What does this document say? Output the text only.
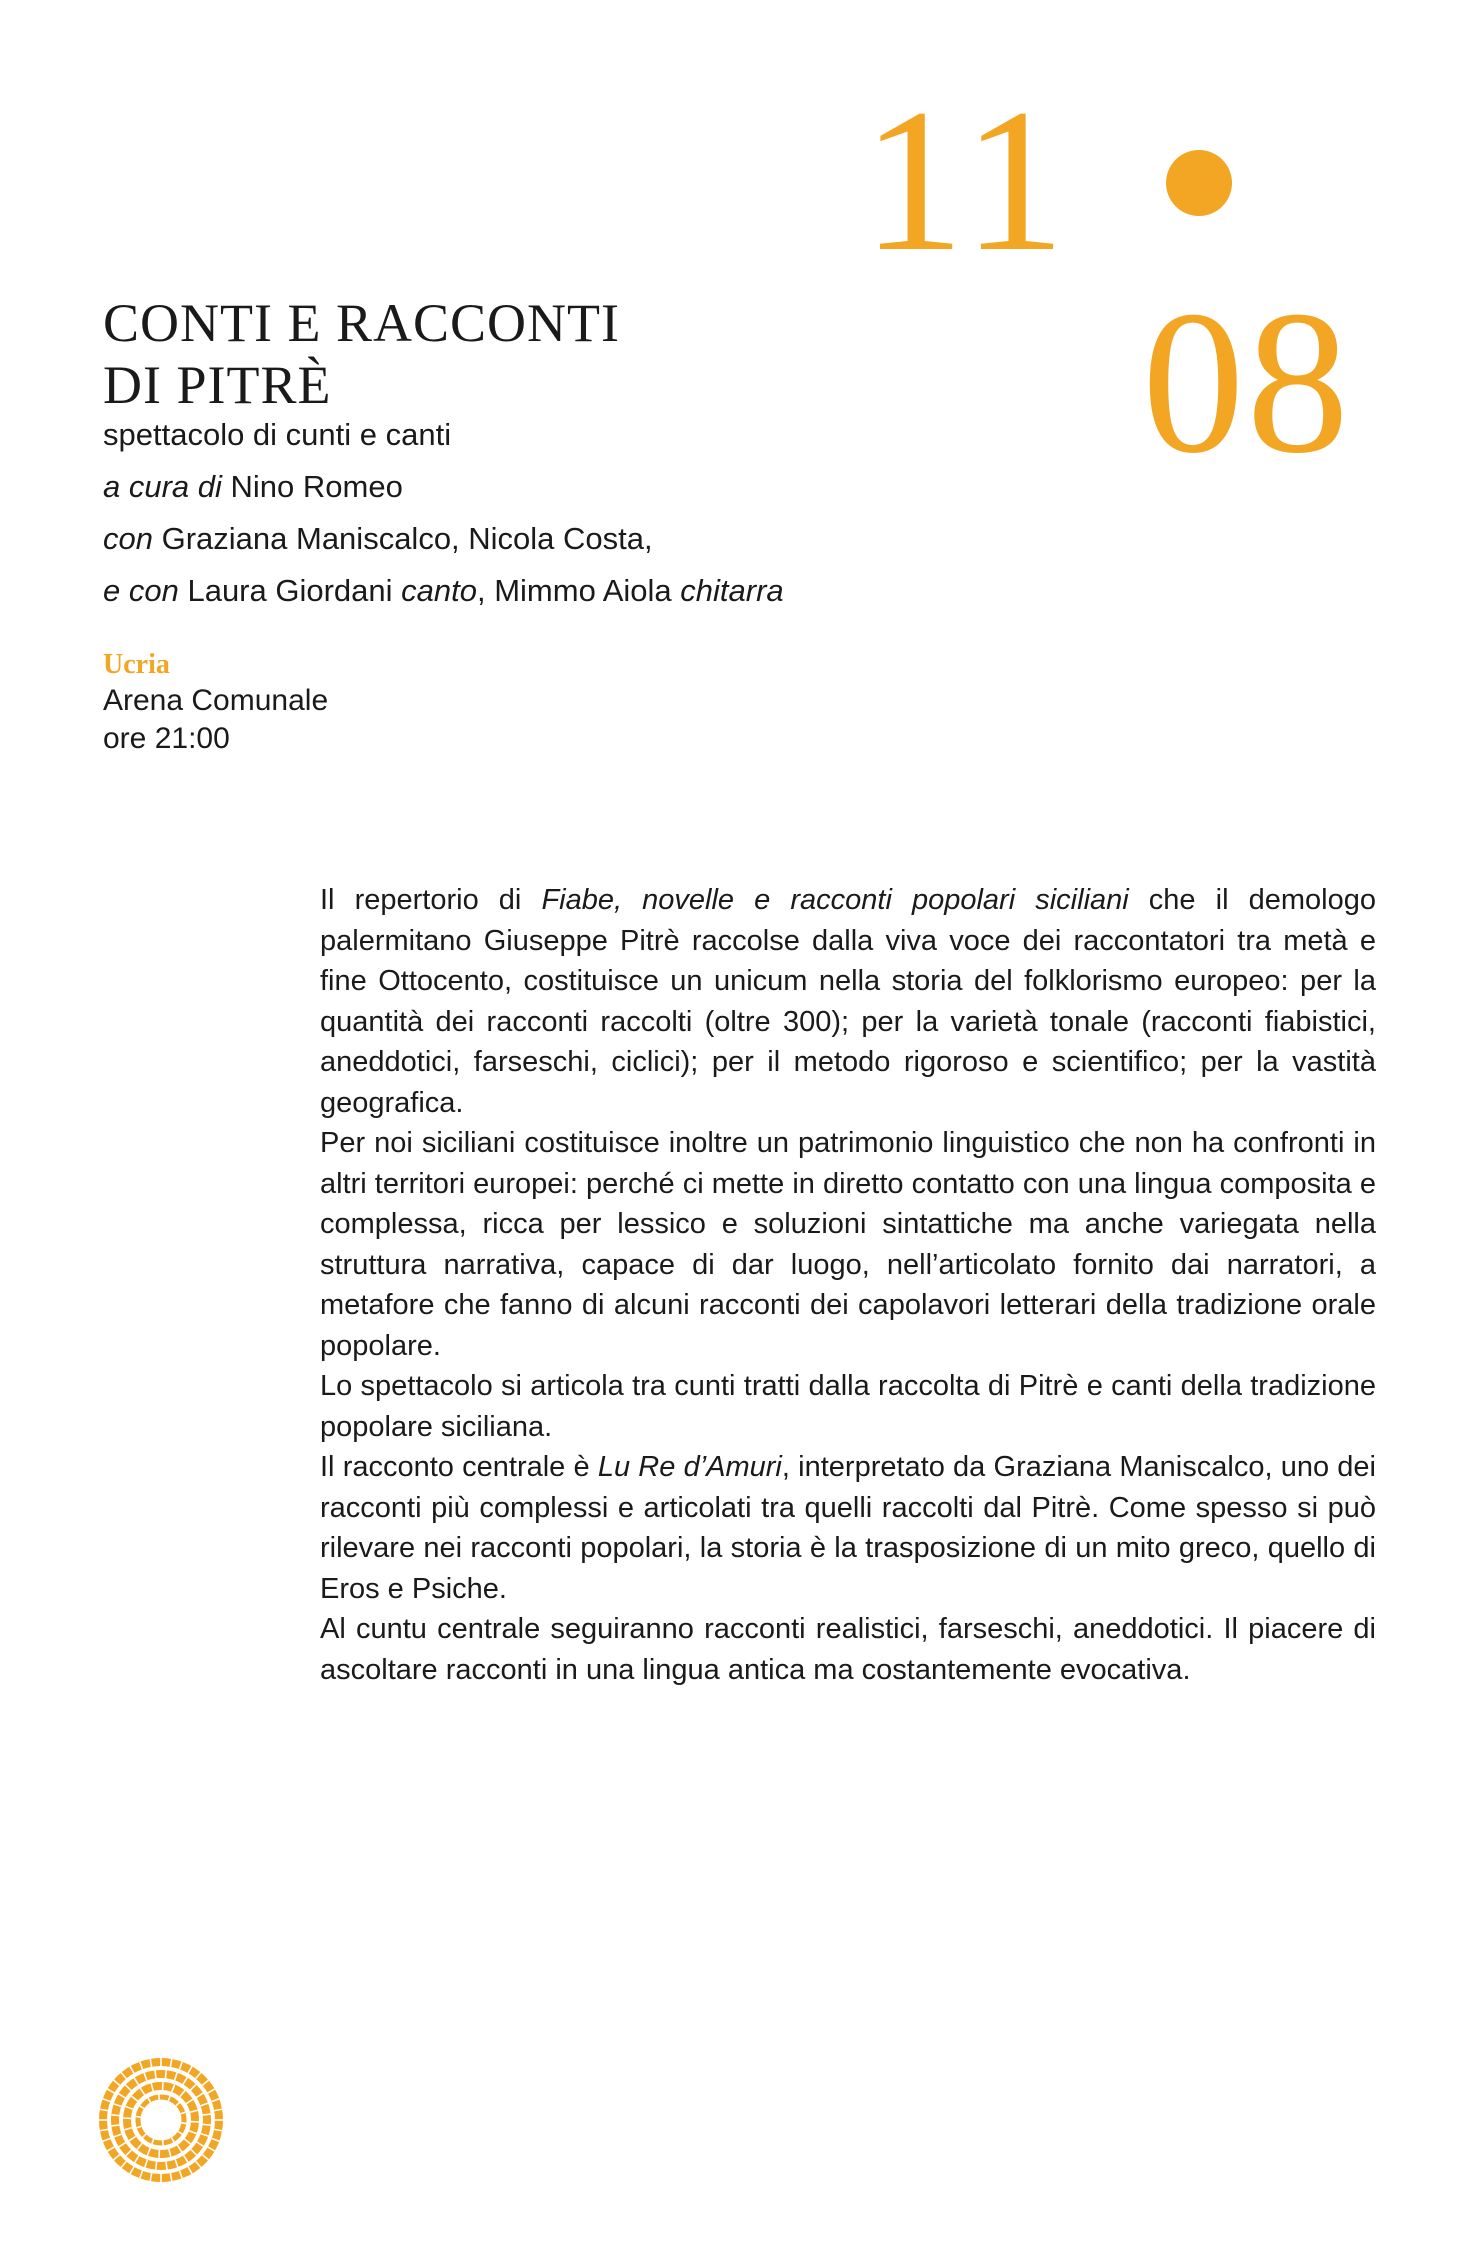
11
08
CONTI E RACCONTI
DI PITRÈ
spettacolo di cunti e canti
a cura di Nino Romeo
con Graziana Maniscalco, Nicola Costa,
e con Laura Giordani canto, Mimmo Aiola chitarra
Ucria
Arena Comunale
ore 21:00

Il repertorio di Fiabe, novelle e racconti popolari siciliani che il demologo palermitano Giuseppe Pitrè raccolse dalla viva voce dei raccontatori tra metà e fine Ottocento, costituisce un unicum nella storia del folklorismo europeo: per la quantità dei racconti raccolti (oltre 300); per la varietà tonale (racconti fiabistici, aneddotici, farseschi, ciclici); per il metodo rigoroso e scientifico; per la vastità geografica.

Per noi siciliani costituisce inoltre un patrimonio linguistico che non ha confronti in altri territori europei: perché ci mette in diretto contatto con una lingua composita e complessa, ricca per lessico e soluzioni sintattiche ma anche variegata nella struttura narrativa, capace di dar luogo, nell’articolato fornito dai narratori, a metafore che fanno di alcuni racconti dei capolavori letterari della tradizione orale popolare.

Lo spettacolo si articola tra cunti tratti dalla raccolta di Pitrè e canti della tradizione popolare siciliana.

Il racconto centrale è Lu Re d’Amuri, interpretato da Graziana Maniscalco, uno dei racconti più complessi e articolati tra quelli raccolti dal Pitrè. Come spesso si può rilevare nei racconti popolari, la storia è la trasposizione di un mito greco, quello di Eros e Psiche.

Al cuntu centrale seguiranno racconti realistici, farseschi, aneddotici. Il piacere di ascoltare racconti in una lingua antica ma costantemente evocativa.
